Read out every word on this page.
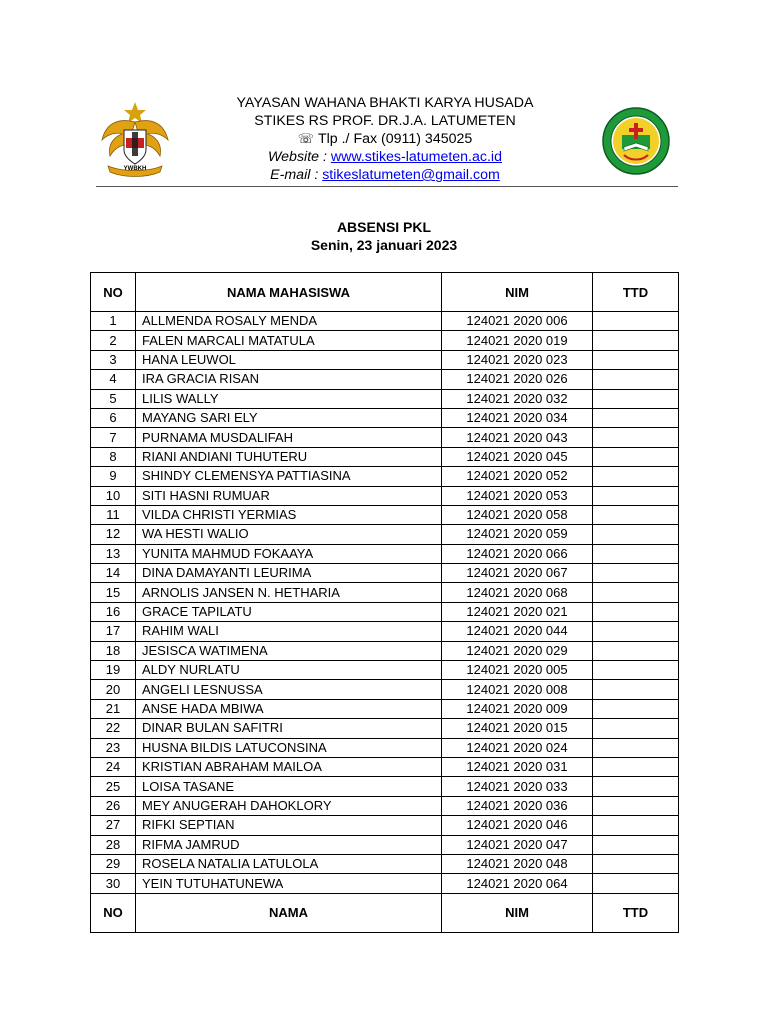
YWBKH
YAYASAN WAHANA BHAKTI KARYA HUSADA
STIKES RS PROF. DR.J.A. LATUMETEN
☏ Tlp ./ Fax (0911) 345025
Website : www.stikes-latumeten.ac.id
E-mail : stikeslatumeten@gmail.com
ABSENSI PKL
Senin, 23 januari 2023
NO	NAMA MAHASISWA	NIM	TTD
1	ALLMENDA ROSALY MENDA	124021 2020 006	
2	FALEN MARCALI MATATULA	124021 2020 019	
3	HANA LEUWOL	124021 2020 023	
4	IRA GRACIA RISAN	124021 2020 026	
5	LILIS WALLY	124021 2020 032	
6	MAYANG SARI ELY	124021 2020 034	
7	PURNAMA MUSDALIFAH	124021 2020 043	
8	RIANI ANDIANI TUHUTERU	124021 2020 045	
9	SHINDY CLEMENSYA PATTIASINA	124021 2020 052	
10	SITI HASNI RUMUAR	124021 2020 053	
11	VILDA CHRISTI YERMIAS	124021 2020 058	
12	WA HESTI WALIO	124021 2020 059	
13	YUNITA MAHMUD FOKAAYA	124021 2020 066	
14	DINA DAMAYANTI LEURIMA	124021 2020 067	
15	ARNOLIS JANSEN N. HETHARIA	124021 2020 068	
16	GRACE TAPILATU	124021 2020 021	
17	RAHIM WALI	124021 2020 044	
18	JESISCA WATIMENA	124021 2020 029	
19	ALDY NURLATU	124021 2020 005	
20	ANGELI LESNUSSA	124021 2020 008	
21	ANSE HADA MBIWA	124021 2020 009	
22	DINAR BULAN SAFITRI	124021 2020 015	
23	HUSNA BILDIS LATUCONSINA	124021 2020 024	
24	KRISTIAN ABRAHAM MAILOA	124021 2020 031	
25	LOISA TASANE	124021 2020 033	
26	MEY ANUGERAH DAHOKLORY	124021 2020 036	
27	RIFKI SEPTIAN	124021 2020 046	
28	RIFMA JAMRUD	124021 2020 047	
29	ROSELA NATALIA LATULOLA	124021 2020 048	
30	YEIN TUTUHATUNEWA	124021 2020 064	
NO	NAMA	NIM	TTD
